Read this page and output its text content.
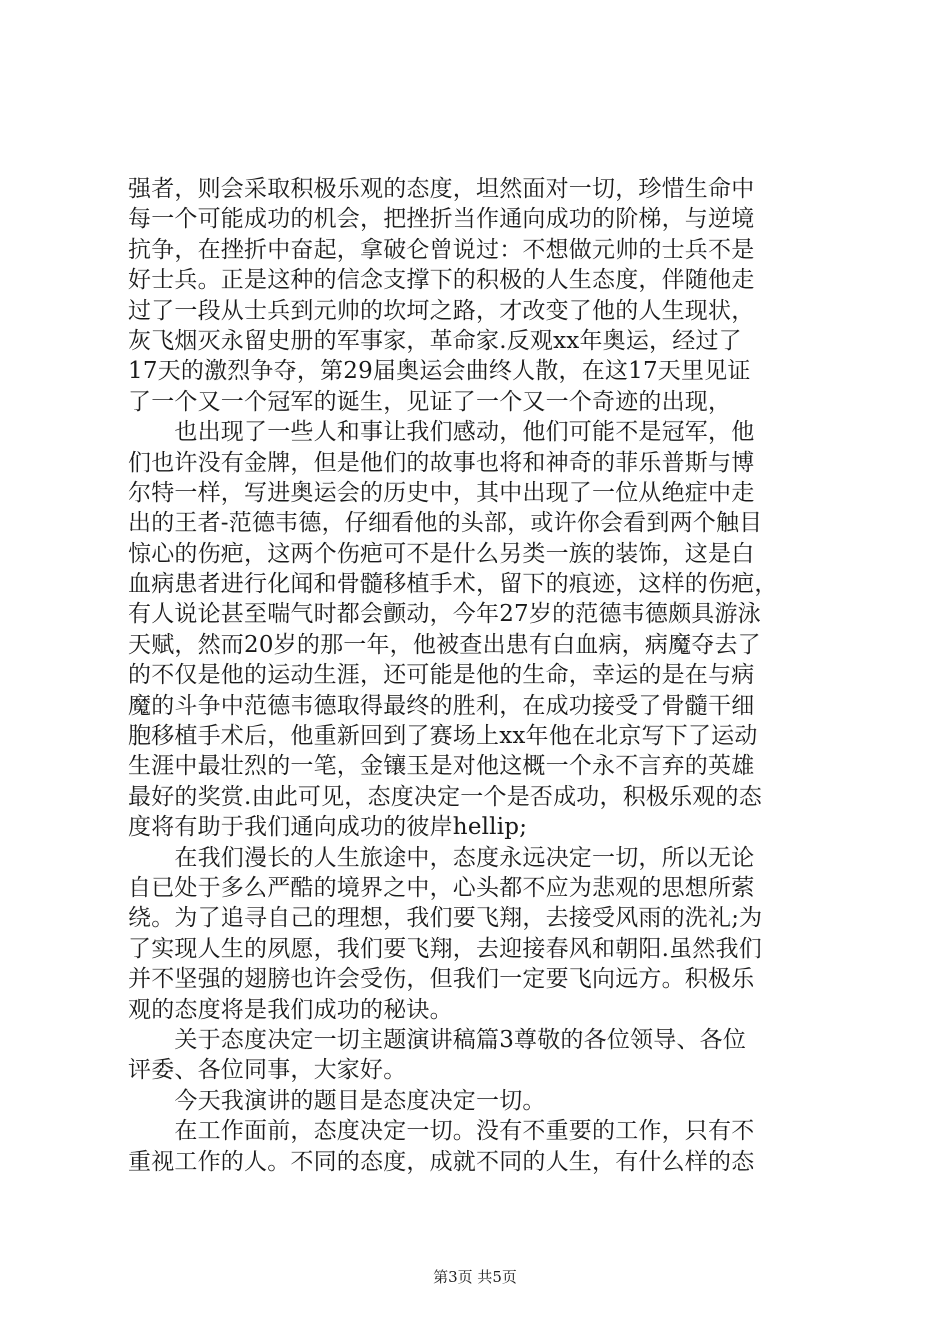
强者，则会采取积极乐观的态度，坦然面对一切，珍惜生命中
每一个可能成功的机会，把挫折当作通向成功的阶梯，与逆境
抗争，在挫折中奋起，拿破仑曾说过：不想做元帅的士兵不是
好士兵。正是这种的信念支撑下的积极的人生态度，伴随他走
过了一段从士兵到元帅的坎坷之路，才改变了他的人生现状，
灰飞烟灭永留史册的军事家，革命家.反观xx年奥运，经过了
17天的激烈争夺，第29届奥运会曲终人散，在这17天里见证
了一个又一个冠军的诞生，见证了一个又一个奇迹的出现，
　　也出现了一些人和事让我们感动，他们可能不是冠军，他
们也许没有金牌，但是他们的故事也将和神奇的菲乐普斯与博
尔特一样，写进奥运会的历史中，其中出现了一位从绝症中走
出的王者-范德韦德，仔细看他的头部，或许你会看到两个触目
惊心的伤疤，这两个伤疤可不是什么另类一族的装饰，这是白
血病患者进行化闻和骨髓移植手术，留下的痕迹，这样的伤疤，
有人说论甚至喘气时都会颤动，今年27岁的范德韦德颇具游泳
天赋，然而20岁的那一年，他被查出患有白血病，病魔夺去了
的不仅是他的运动生涯，还可能是他的生命，幸运的是在与病
魔的斗争中范德韦德取得最终的胜利，在成功接受了骨髓干细
胞移植手术后，他重新回到了赛场上xx年他在北京写下了运动
生涯中最壮烈的一笔，金镶玉是对他这概一个永不言弃的英雄
最好的奖赏.由此可见，态度决定一个是否成功，积极乐观的态
度将有助于我们通向成功的彼岸hellip;
　　在我们漫长的人生旅途中，态度永远决定一切，所以无论
自已处于多么严酷的境界之中，心头都不应为悲观的思想所萦
绕。为了追寻自己的理想，我们要飞翔，去接受风雨的洗礼;为
了实现人生的夙愿，我们要飞翔，去迎接春风和朝阳.虽然我们
并不坚强的翅膀也许会受伤，但我们一定要飞向远方。积极乐
观的态度将是我们成功的秘诀。
　　关于态度决定一切主题演讲稿篇3尊敬的各位领导、各位
评委、各位同事，大家好。
　　今天我演讲的题目是态度决定一切。
　　在工作面前，态度决定一切。没有不重要的工作，只有不
重视工作的人。不同的态度，成就不同的人生，有什么样的态
第3页 共5页
